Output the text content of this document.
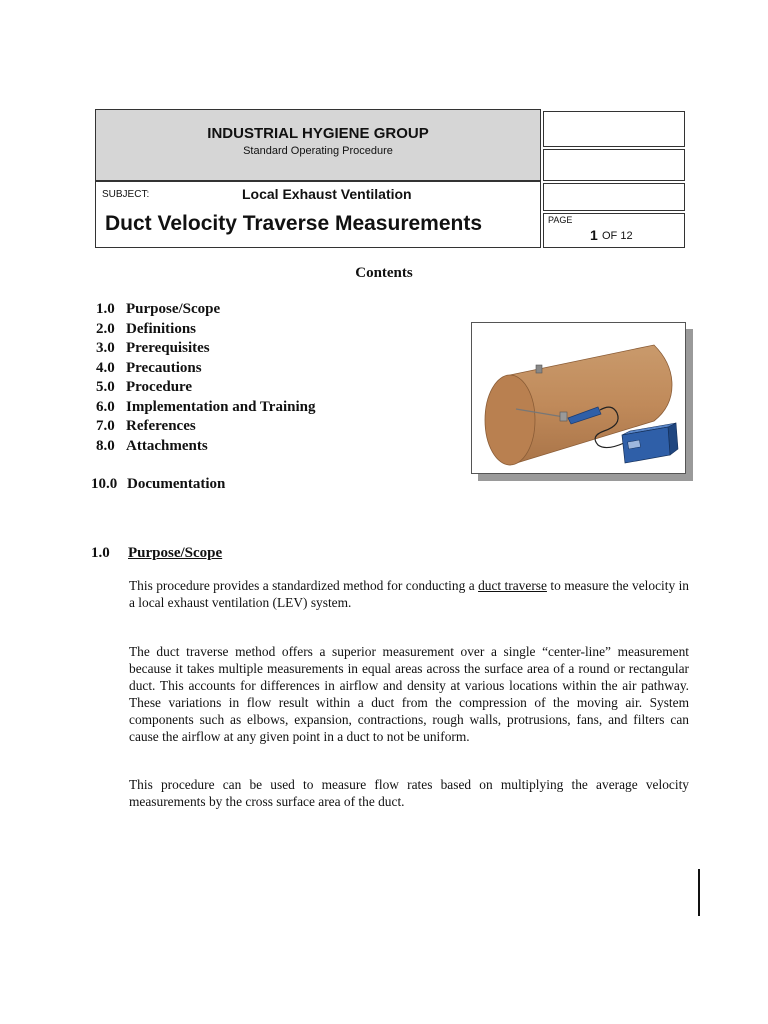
INDUSTRIAL HYGIENE GROUP
Standard Operating Procedure
SUBJECT:	Local Exhaust Ventilation
Duct Velocity Traverse Measurements	PAGE
1 OF 12
Contents
1.0 Purpose/Scope
2.0 Definitions
3.0 Prerequisites
4.0 Precautions
5.0 Procedure
6.0 Implementation and Training
7.0 References
8.0 Attachments
10.0 Documentation
1.0 Purpose/Scope

This procedure provides a standardized method for conducting a duct traverse to measure the velocity in a local exhaust ventilation (LEV) system.

The duct traverse method offers a superior measurement over a single “center-line” measurement because it takes multiple measurements in equal areas across the surface area of a round or rectangular duct. This accounts for differences in airflow and density at various locations within the air pathway. These variations in flow result within a duct from the compression of the moving air. System components such as elbows, expansion, contractions, rough walls, protrusions, fans, and filters can cause the airflow at any given point in a duct to not be uniform.

This procedure can be used to measure flow rates based on multiplying the average velocity measurements by the cross surface area of the duct.
